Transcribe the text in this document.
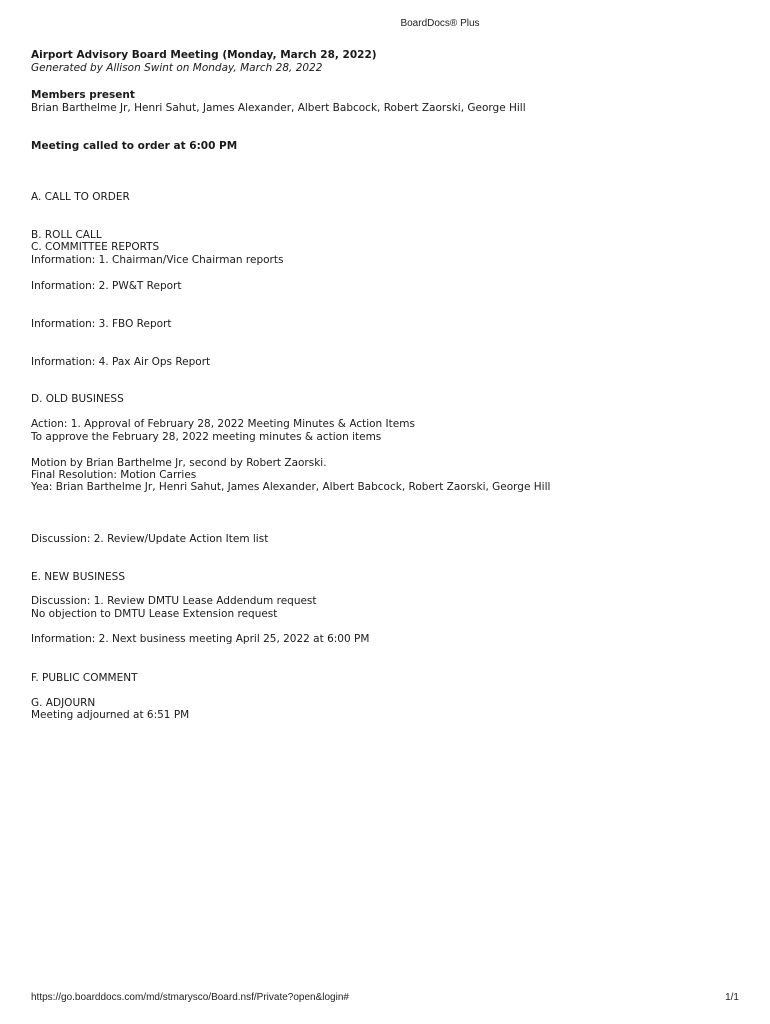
BoardDocs® Plus
Airport Advisory Board Meeting (Monday, March 28, 2022)
Generated by Allison Swint on Monday, March 28, 2022
Members present
Brian Barthelme Jr, Henri Sahut, James Alexander, Albert Babcock, Robert Zaorski, George Hill
Meeting called to order at 6:00 PM
A. CALL TO ORDER
B. ROLL CALL
C. COMMITTEE REPORTS
Information: 1. Chairman/Vice Chairman reports
Information: 2. PW&T Report
Information: 3. FBO Report
Information: 4. Pax Air Ops Report
D. OLD BUSINESS
Action: 1. Approval of February 28, 2022 Meeting Minutes & Action Items
To approve the February 28, 2022 meeting minutes & action items
Motion by Brian Barthelme Jr, second by Robert Zaorski.
Final Resolution: Motion Carries
Yea: Brian Barthelme Jr, Henri Sahut, James Alexander, Albert Babcock, Robert Zaorski, George Hill
Discussion: 2. Review/Update Action Item list
E. NEW BUSINESS
Discussion: 1. Review DMTU Lease Addendum request
No objection to DMTU Lease Extension request
Information: 2. Next business meeting April 25, 2022 at 6:00 PM
F. PUBLIC COMMENT
G. ADJOURN
Meeting adjourned at 6:51 PM
https://go.boarddocs.com/md/stmarysco/Board.nsf/Private?open&login#	1/1
